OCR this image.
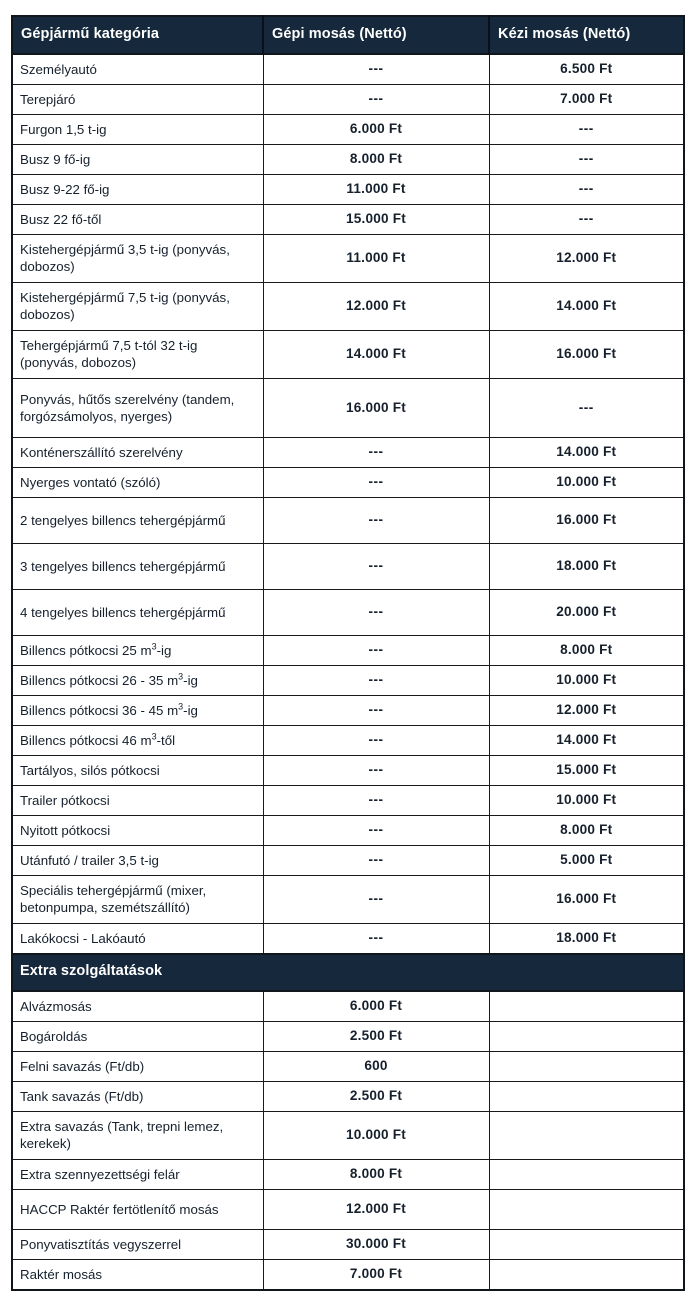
Gépjármű kategória	Gépi mosás (Nettó)	Kézi mosás (Nettó)
Személyautó	---	6.500 Ft
Terepjáró	---	7.000 Ft
Furgon 1,5 t-ig	6.000 Ft	---
Busz 9 fő-ig	8.000 Ft	---
Busz 9-22 fő-ig	11.000 Ft	---
Busz 22 fő-től	15.000 Ft	---
Kistehergépjármű 3,5 t-ig (ponyvás, dobozos)	11.000 Ft	12.000 Ft
Kistehergépjármű 7,5 t-ig (ponyvás, dobozos)	12.000 Ft	14.000 Ft
Tehergépjármű 7,5 t-tól 32 t-ig (ponyvás, dobozos)	14.000 Ft	16.000 Ft
Ponyvás, hűtős szerelvény (tandem, forgózsámolyos, nyerges)	16.000 Ft	---
Konténerszállító szerelvény	---	14.000 Ft
Nyerges vontató (szóló)	---	10.000 Ft
2 tengelyes billencs tehergépjármű	---	16.000 Ft
3 tengelyes billencs tehergépjármű	---	18.000 Ft
4 tengelyes billencs tehergépjármű	---	20.000 Ft
Billencs pótkocsi 25 $m^3-ig$	---	8.000 Ft
Billencs pótkocsi 26 - 35 $m^3-ig$	---	10.000 Ft
Billencs pótkocsi 36 - 45 $m^3-ig$	---	12.000 Ft
Billencs pótkocsi 46 $m^3$-től	---	14.000 Ft
Tartályos, silós pótkocsi	---	15.000 Ft
Trailer pótkocsi	---	10.000 Ft
Nyitott pótkocsi	---	8.000 Ft
Utánfutó / trailer 3,5 t-ig	---	5.000 Ft
Speciális tehergépjármű (mixer, betonpumpa, szemétszállító)	---	16.000 Ft
Lakókocsi - Lakóautó	---	18.000 Ft
Extra szolgáltatások		
Alvázmosás	6.000 Ft	
Bogároldás	2.500 Ft	
Felni savazás (Ft/db)	600	
Tank savazás (Ft/db)	2.500 Ft	
Extra savazás (Tank, trepni lemez, kerekek)	10.000 Ft	
Extra szennyezettségi felár	8.000 Ft	
HACCP Raktér fertötlenítő mosás	12.000 Ft	
Ponyvatisztítás vegyszerrel	30.000 Ft	
Raktér mosás	7.000 Ft	
